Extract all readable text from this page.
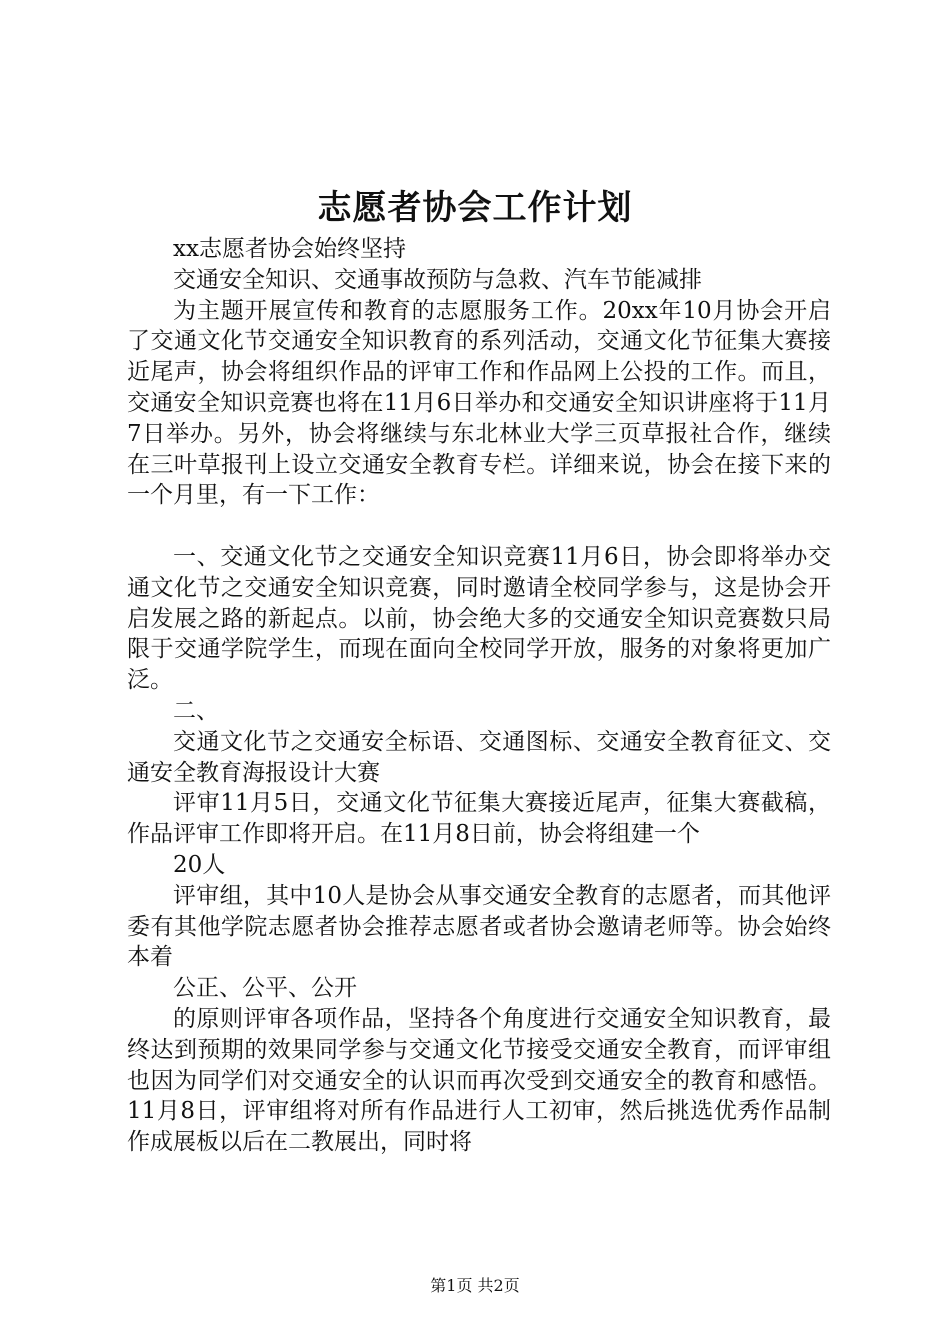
志愿者协会工作计划

xx志愿者协会始终坚持

交通安全知识、交通事故预防与急救、汽车节能减排

为主题开展宣传和教育的志愿服务工作。20xx年10月协会开启了交通文化节交通安全知识教育的系列活动，交通文化节征集大赛接近尾声，协会将组织作品的评审工作和作品网上公投的工作。而且，交通安全知识竞赛也将在11月6日举办和交通安全知识讲座将于11月7日举办。另外，协会将继续与东北林业大学三页草报社合作，继续在三叶草报刊上设立交通安全教育专栏。详细来说，协会在接下来的一个月里，有一下工作：

一、交通文化节之交通安全知识竞赛11月6日，协会即将举办交通文化节之交通安全知识竞赛，同时邀请全校同学参与，这是协会开启发展之路的新起点。以前，协会绝大多的交通安全知识竞赛数只局限于交通学院学生，而现在面向全校同学开放，服务的对象将更加广泛。

二、

交通文化节之交通安全标语、交通图标、交通安全教育征文、交通安全教育海报设计大赛

评审11月5日，交通文化节征集大赛接近尾声，征集大赛截稿，作品评审工作即将开启。在11月8日前，协会将组建一个

20人

评审组，其中10人是协会从事交通安全教育的志愿者，而其他评委有其他学院志愿者协会推荐志愿者或者协会邀请老师等。协会始终本着

公正、公平、公开

的原则评审各项作品，坚持各个角度进行交通安全知识教育，最终达到预期的效果同学参与交通文化节接受交通安全教育，而评审组也因为同学们对交通安全的认识而再次受到交通安全的教育和感悟。11月8日，评审组将对所有作品进行人工初审，然后挑选优秀作品制作成展板以后在二教展出，同时将

第1页 共2页
